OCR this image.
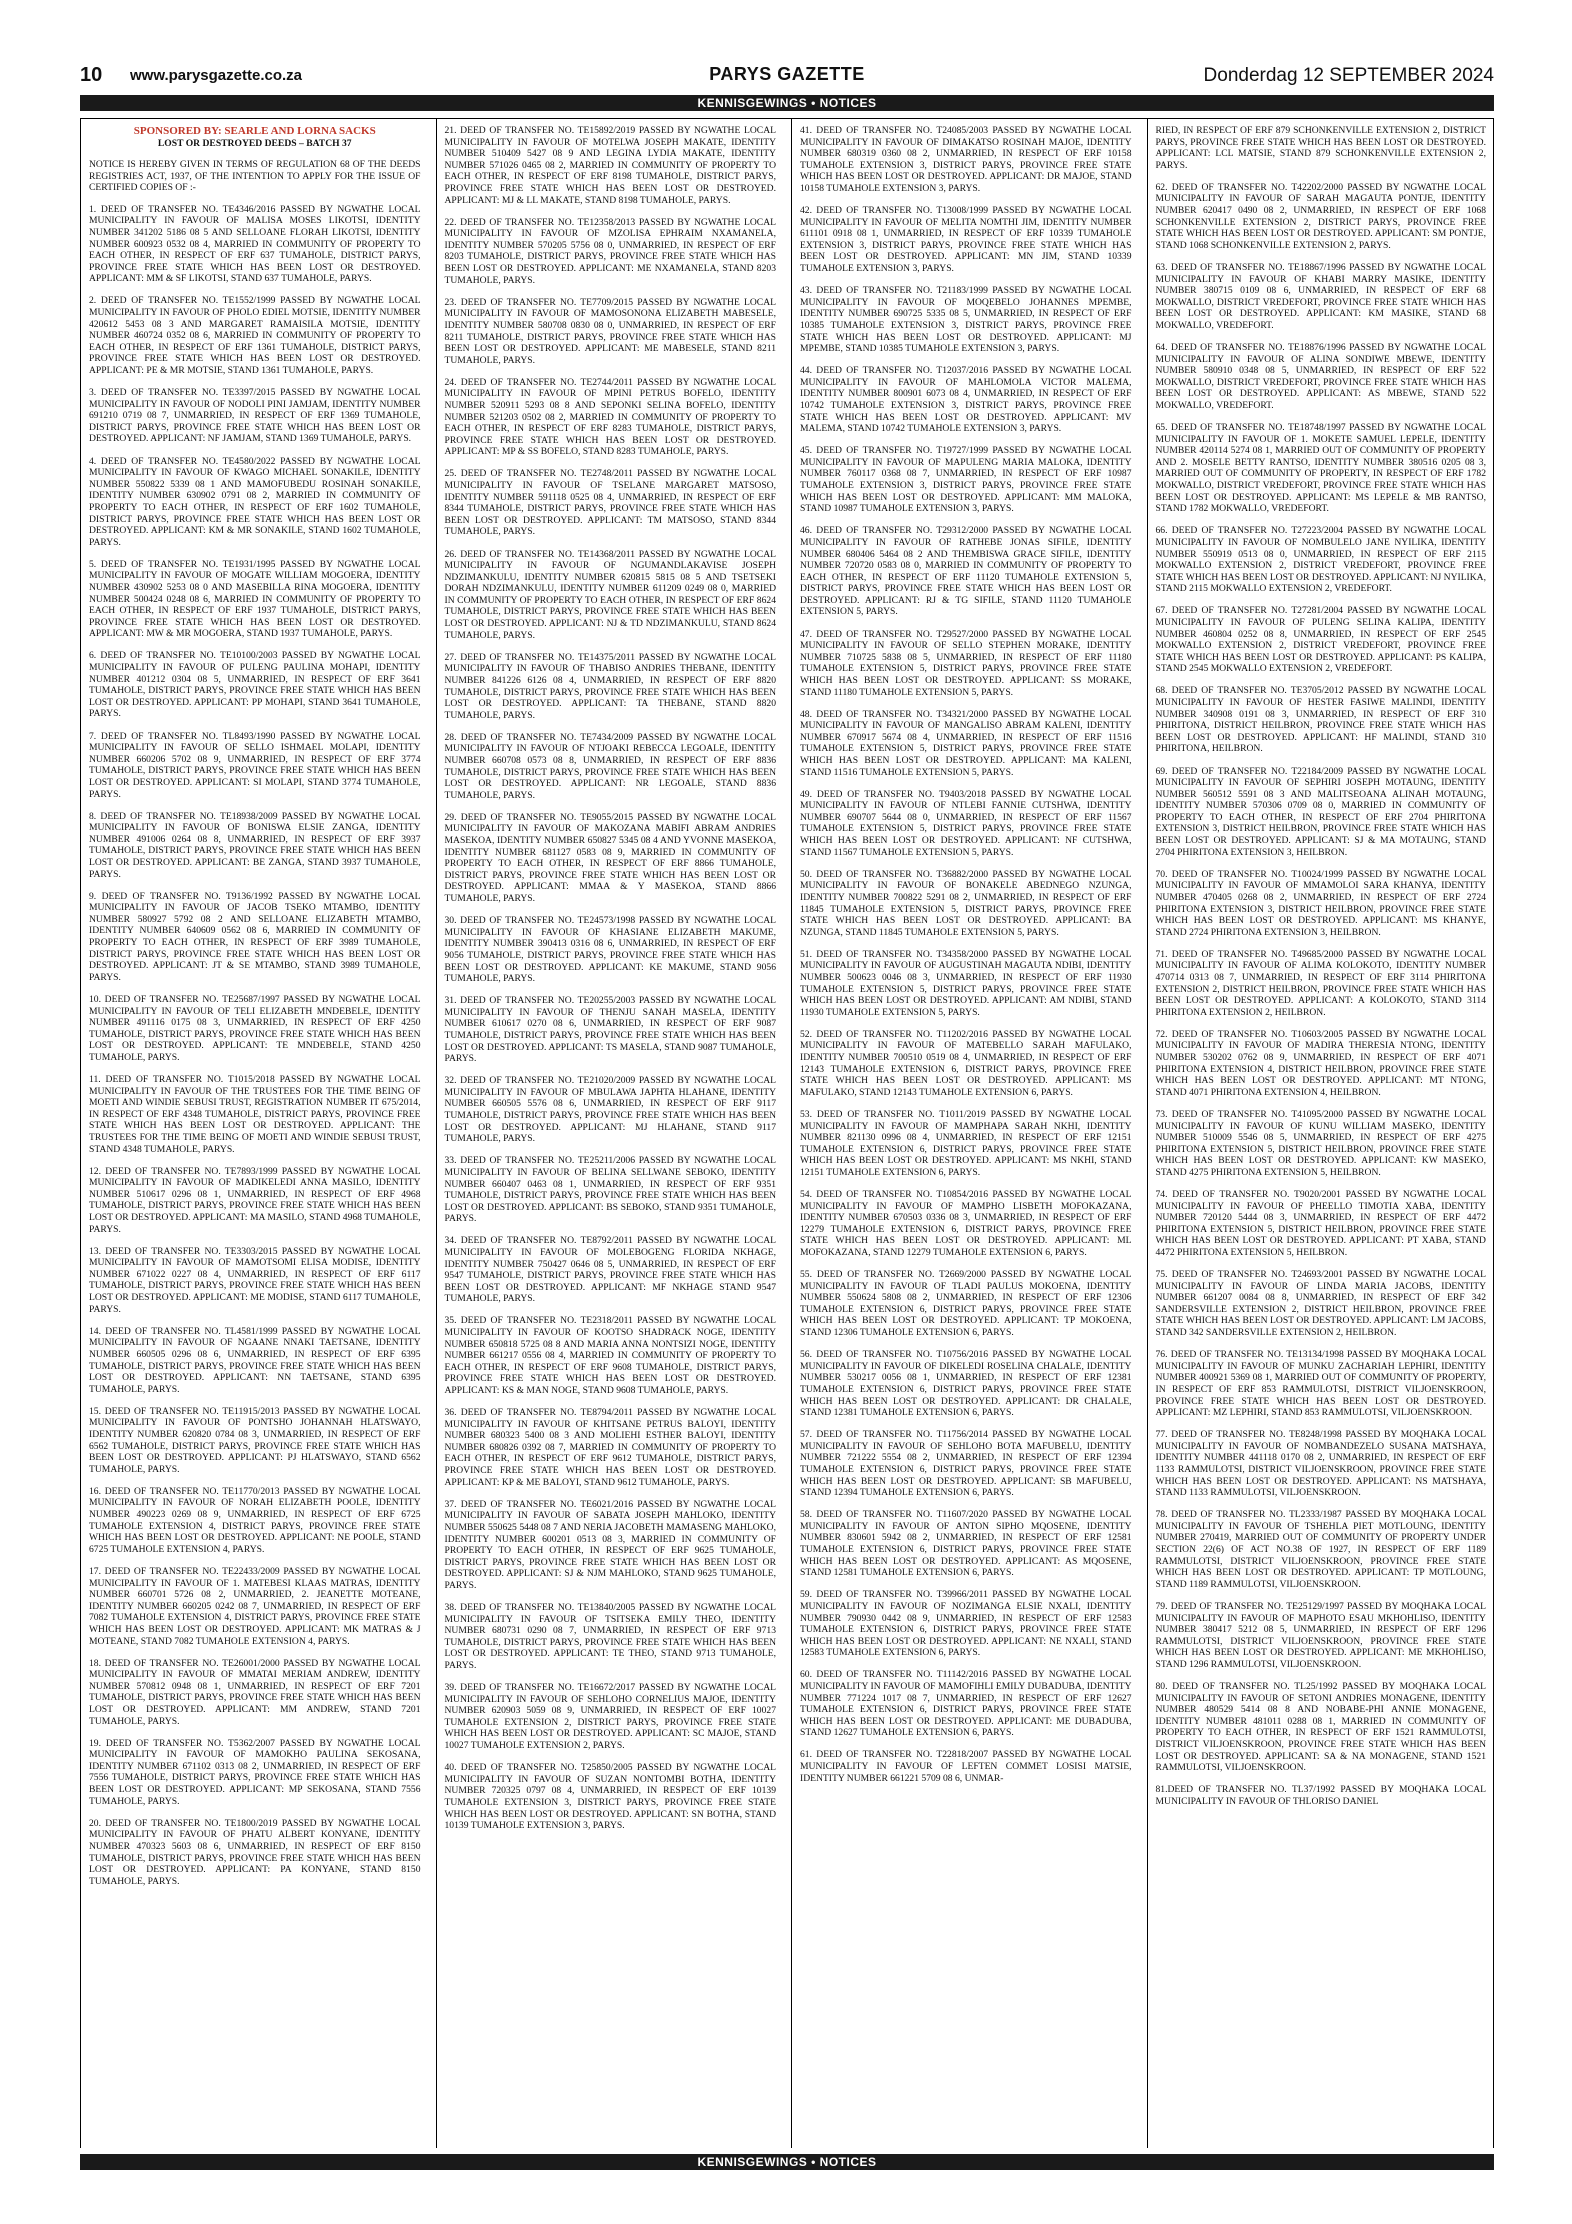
10 www.parysgazette.co.za	PARYS GAZETTE	Donderdag 12 SEPTEMBER 2024
KENNISGEWINGS • NOTICES
SPONSORED BY: SEARLE AND LORNA SACKS
LOST OR DESTROYED DEEDS – BATCH 37

NOTICE IS HEREBY GIVEN IN TERMS OF REGULATION 68 OF THE DEEDS REGISTRIES ACT, 1937, OF THE INTENTION TO APPLY FOR THE ISSUE OF CERTIFIED COPIES OF :-

1. DEED OF TRANSFER NO. TE4346/2016 PASSED BY NGWATHE LOCAL MUNICIPALITY IN FAVOUR OF MALISA MOSES LIKOTSI, IDENTITY NUMBER 341202 5186 08 5 AND SELLOANE FLORAH LIKOTSI, IDENTITY NUMBER 600923 0532 08 4, MARRIED IN COMMUNITY OF PROPERTY TO EACH OTHER, IN RESPECT OF ERF 637 TUMAHOLE, DISTRICT PARYS, PROVINCE FREE STATE WHICH HAS BEEN LOST OR DESTROYED. APPLICANT: MM & SF LIKOTSI, STAND 637 TUMAHOLE, PARYS.

2. DEED OF TRANSFER NO. TE1552/1999 PASSED BY NGWATHE LOCAL MUNICIPALITY IN FAVOUR OF PHOLO EDIEL MOTSIE, IDENTITY NUMBER 420612 5453 08 3 AND MARGARET RAMAISILA MOTSIE, IDENTITY NUMBER 460724 0352 08 6, MARRIED IN COMMUNITY OF PROPERTY TO EACH OTHER, IN RESPECT OF ERF 1361 TUMAHOLE, DISTRICT PARYS, PROVINCE FREE STATE WHICH HAS BEEN LOST OR DESTROYED. APPLICANT: PE & MR MOTSIE, STAND 1361 TUMAHOLE, PARYS.

3. DEED OF TRANSFER NO. TE3397/2015 PASSED BY NGWATHE LOCAL MUNICIPALITY IN FAVOUR OF NODOLI PINI JAMJAM, IDENTITY NUMBER 691210 0719 08 7, UNMARRIED, IN RESPECT OF ERF 1369 TUMAHOLE, DISTRICT PARYS, PROVINCE FREE STATE WHICH HAS BEEN LOST OR DESTROYED. APPLICANT: NF JAMJAM, STAND 1369 TUMAHOLE, PARYS.

4. DEED OF TRANSFER NO. TE4580/2022 PASSED BY NGWATHE LOCAL MUNICIPALITY IN FAVOUR OF KWAGO MICHAEL SONAKILE, IDENTITY NUMBER 550822 5339 08 1 AND MAMOFUBEDU ROSINAH SONAKILE, IDENTITY NUMBER 630902 0791 08 2, MARRIED IN COMMUNITY OF PROPERTY TO EACH OTHER, IN RESPECT OF ERF 1602 TUMAHOLE, DISTRICT PARYS, PROVINCE FREE STATE WHICH HAS BEEN LOST OR DESTROYED. APPLICANT: KM & MR SONAKILE, STAND 1602 TUMAHOLE, PARYS.

5. DEED OF TRANSFER NO. TE1931/1995 PASSED BY NGWATHE LOCAL MUNICIPALITY IN FAVOUR OF MOGATE WILLIAM MOGOERA, IDENTITY NUMBER 430902 5253 08 0 AND MASEBILLA RINA MOGOERA, IDENTITY NUMBER 500424 0248 08 6, MARRIED IN COMMUNITY OF PROPERTY TO EACH OTHER, IN RESPECT OF ERF 1937 TUMAHOLE, DISTRICT PARYS, PROVINCE FREE STATE WHICH HAS BEEN LOST OR DESTROYED. APPLICANT: MW & MR MOGOERA, STAND 1937 TUMAHOLE, PARYS.

6. DEED OF TRANSFER NO. TE10100/2003 PASSED BY NGWATHE LOCAL MUNICIPALITY IN FAVOUR OF PULENG PAULINA MOHAPI, IDENTITY NUMBER 401212 0304 08 5, UNMARRIED, IN RESPECT OF ERF 3641 TUMAHOLE, DISTRICT PARYS, PROVINCE FREE STATE WHICH HAS BEEN LOST OR DESTROYED. APPLICANT: PP MOHAPI, STAND 3641 TUMAHOLE, PARYS.

7. DEED OF TRANSFER NO. TL8493/1990 PASSED BY NGWATHE LOCAL MUNICIPALITY IN FAVOUR OF SELLO ISHMAEL MOLAPI, IDENTITY NUMBER 660206 5702 08 9, UNMARRIED, IN RESPECT OF ERF 3774 TUMAHOLE, DISTRICT PARYS, PROVINCE FREE STATE WHICH HAS BEEN LOST OR DESTROYED. APPLICANT: SI MOLAPI, STAND 3774 TUMAHOLE, PARYS.

8. DEED OF TRANSFER NO. TE18938/2009 PASSED BY NGWATHE LOCAL MUNICIPALITY IN FAVOUR OF BONISWA ELSIE ZANGA, IDENTITY NUMBER 491006 0264 08 8, UNMARRIED, IN RESPECT OF ERF 3937 TUMAHOLE, DISTRICT PARYS, PROVINCE FREE STATE WHICH HAS BEEN LOST OR DESTROYED. APPLICANT: BE ZANGA, STAND 3937 TUMAHOLE, PARYS.

9. DEED OF TRANSFER NO. T9136/1992 PASSED BY NGWATHE LOCAL MUNICIPALITY IN FAVOUR OF JACOB TSEKO MTAMBO, IDENTITY NUMBER 580927 5792 08 2 AND SELLOANE ELIZABETH MTAMBO, IDENTITY NUMBER 640609 0562 08 6, MARRIED IN COMMUNITY OF PROPERTY TO EACH OTHER, IN RESPECT OF ERF 3989 TUMAHOLE, DISTRICT PARYS, PROVINCE FREE STATE WHICH HAS BEEN LOST OR DESTROYED. APPLICANT: JT & SE MTAMBO, STAND 3989 TUMAHOLE, PARYS.

10. DEED OF TRANSFER NO. TE25687/1997 PASSED BY NGWATHE LOCAL MUNICIPALITY IN FAVOUR OF TELI ELIZABETH MNDEBELE, IDENTITY NUMBER 491116 0175 08 3, UNMARRIED, IN RESPECT OF ERF 4250 TUMAHOLE, DISTRICT PARYS, PROVINCE FREE STATE WHICH HAS BEEN LOST OR DESTROYED. APPLICANT: TE MNDEBELE, STAND 4250 TUMAHOLE, PARYS.

11. DEED OF TRANSFER NO. T1015/2018 PASSED BY NGWATHE LOCAL MUNICIPALITY IN FAVOUR OF THE TRUSTEES FOR THE TIME BEING OF MOETI AND WINDIE SEBUSI TRUST, REGISTRATION NUMBER IT 675/2014, IN RESPECT OF ERF 4348 TUMAHOLE, DISTRICT PARYS, PROVINCE FREE STATE WHICH HAS BEEN LOST OR DESTROYED. APPLICANT: THE TRUSTEES FOR THE TIME BEING OF MOETI AND WINDIE SEBUSI TRUST, STAND 4348 TUMAHOLE, PARYS.

12. DEED OF TRANSFER NO. TE7893/1999 PASSED BY NGWATHE LOCAL MUNICIPALITY IN FAVOUR OF MADIKELEDI ANNA MASILO, IDENTITY NUMBER 510617 0296 08 1, UNMARRIED, IN RESPECT OF ERF 4968 TUMAHOLE, DISTRICT PARYS, PROVINCE FREE STATE WHICH HAS BEEN LOST OR DESTROYED. APPLICANT: MA MASILO, STAND 4968 TUMAHOLE, PARYS.

13. DEED OF TRANSFER NO. TE3303/2015 PASSED BY NGWATHE LOCAL MUNICIPALITY IN FAVOUR OF MAMOTSOMI ELISA MODISE, IDENTITY NUMBER 671022 0227 08 4, UNMARRIED, IN RESPECT OF ERF 6117 TUMAHOLE, DISTRICT PARYS, PROVINCE FREE STATE WHICH HAS BEEN LOST OR DESTROYED. APPLICANT: ME MODISE, STAND 6117 TUMAHOLE, PARYS.

14. DEED OF TRANSFER NO. TL4581/1999 PASSED BY NGWATHE LOCAL MUNICIPALITY IN FAVOUR OF NGAANE NNAKI TAETSANE, IDENTITY NUMBER 660505 0296 08 6, UNMARRIED, IN RESPECT OF ERF 6395 TUMAHOLE, DISTRICT PARYS, PROVINCE FREE STATE WHICH HAS BEEN LOST OR DESTROYED. APPLICANT: NN TAETSANE, STAND 6395 TUMAHOLE, PARYS.

15. DEED OF TRANSFER NO. TE11915/2013 PASSED BY NGWATHE LOCAL MUNICIPALITY IN FAVOUR OF PONTSHO JOHANNAH HLATSWAYO, IDENTITY NUMBER 620820 0784 08 3, UNMARRIED, IN RESPECT OF ERF 6562 TUMAHOLE, DISTRICT PARYS, PROVINCE FREE STATE WHICH HAS BEEN LOST OR DESTROYED. APPLICANT: PJ HLATSWAYO, STAND 6562 TUMAHOLE, PARYS.

16. DEED OF TRANSFER NO. TE11770/2013 PASSED BY NGWATHE LOCAL MUNICIPALITY IN FAVOUR OF NORAH ELIZABETH POOLE, IDENTITY NUMBER 490223 0269 08 9, UNMARRIED, IN RESPECT OF ERF 6725 TUMAHOLE EXTENSION 4, DISTRICT PARYS, PROVINCE FREE STATE WHICH HAS BEEN LOST OR DESTROYED. APPLICANT: NE POOLE, STAND 6725 TUMAHOLE EXTENSION 4, PARYS.

17. DEED OF TRANSFER NO. TE22433/2009 PASSED BY NGWATHE LOCAL MUNICIPALITY IN FAVOUR OF 1. MATEBESI KLAAS MATRAS, IDENTITY NUMBER 660701 5726 08 2, UNMARRIED, 2. JEANETTE MOTEANE, IDENTITY NUMBER 660205 0242 08 7, UNMARRIED, IN RESPECT OF ERF 7082 TUMAHOLE EXTENSION 4, DISTRICT PARYS, PROVINCE FREE STATE WHICH HAS BEEN LOST OR DESTROYED. APPLICANT: MK MATRAS & J MOTEANE, STAND 7082 TUMAHOLE EXTENSION 4, PARYS.

18. DEED OF TRANSFER NO. TE26001/2000 PASSED BY NGWATHE LOCAL MUNICIPALITY IN FAVOUR OF MMATAI MERIAM ANDREW, IDENTITY NUMBER 570812 0948 08 1, UNMARRIED, IN RESPECT OF ERF 7201 TUMAHOLE, DISTRICT PARYS, PROVINCE FREE STATE WHICH HAS BEEN LOST OR DESTROYED. APPLICANT: MM ANDREW, STAND 7201 TUMAHOLE, PARYS.

19. DEED OF TRANSFER NO. T5362/2007 PASSED BY NGWATHE LOCAL MUNICIPALITY IN FAVOUR OF MAMOKHO PAULINA SEKOSANA, IDENTITY NUMBER 671102 0313 08 2, UNMARRIED, IN RESPECT OF ERF 7556 TUMAHOLE, DISTRICT PARYS, PROVINCE FREE STATE WHICH HAS BEEN LOST OR DESTROYED. APPLICANT: MP SEKOSANA, STAND 7556 TUMAHOLE, PARYS.

20. DEED OF TRANSFER NO. TE1800/2019 PASSED BY NGWATHE LOCAL MUNICIPALITY IN FAVOUR OF PHATU ALBERT KONYANE, IDENTITY NUMBER 470323 5603 08 6, UNMARRIED, IN RESPECT OF ERF 8150 TUMAHOLE, DISTRICT PARYS, PROVINCE FREE STATE WHICH HAS BEEN LOST OR DESTROYED. APPLICANT: PA KONYANE, STAND 8150 TUMAHOLE, PARYS.

21. DEED OF TRANSFER NO. TE15892/2019 PASSED BY NGWATHE LOCAL MUNICIPALITY IN FAVOUR OF MOTELWA JOSEPH MAKATE, IDENTITY NUMBER 510409 5427 08 9 AND LEGINA LYDIA MAKATE, IDENTITY NUMBER 571026 0465 08 2, MARRIED IN COMMUNITY OF PROPERTY TO EACH OTHER, IN RESPECT OF ERF 8198 TUMAHOLE, DISTRICT PARYS, PROVINCE FREE STATE WHICH HAS BEEN LOST OR DESTROYED. APPLICANT: MJ & LL MAKATE, STAND 8198 TUMAHOLE, PARYS.

22. DEED OF TRANSFER NO. TE12358/2013 PASSED BY NGWATHE LOCAL MUNICIPALITY IN FAVOUR OF MZOLISA EPHRAIM NXAMANELA, IDENTITY NUMBER 570205 5756 08 0, UNMARRIED, IN RESPECT OF ERF 8203 TUMAHOLE, DISTRICT PARYS, PROVINCE FREE STATE WHICH HAS BEEN LOST OR DESTROYED. APPLICANT: ME NXAMANELA, STAND 8203 TUMAHOLE, PARYS.

23. DEED OF TRANSFER NO. TE7709/2015 PASSED BY NGWATHE LOCAL MUNICIPALITY IN FAVOUR OF MAMOSONONA ELIZABETH MABESELE, IDENTITY NUMBER 580708 0830 08 0, UNMARRIED, IN RESPECT OF ERF 8211 TUMAHOLE, DISTRICT PARYS, PROVINCE FREE STATE WHICH HAS BEEN LOST OR DESTROYED. APPLICANT: ME MABESELE, STAND 8211 TUMAHOLE, PARYS.

24. DEED OF TRANSFER NO. TE2744/2011 PASSED BY NGWATHE LOCAL MUNICIPALITY IN FAVOUR OF MPINI PETRUS BOFELO, IDENTITY NUMBER 520911 5293 08 8 AND SEPONKI SELINA BOFELO, IDENTITY NUMBER 521203 0502 08 2, MARRIED IN COMMUNITY OF PROPERTY TO EACH OTHER, IN RESPECT OF ERF 8283 TUMAHOLE, DISTRICT PARYS, PROVINCE FREE STATE WHICH HAS BEEN LOST OR DESTROYED. APPLICANT: MP & SS BOFELO, STAND 8283 TUMAHOLE, PARYS.

25. DEED OF TRANSFER NO. TE2748/2011 PASSED BY NGWATHE LOCAL MUNICIPALITY IN FAVOUR OF TSELANE MARGARET MATSOSO, IDENTITY NUMBER 591118 0525 08 4, UNMARRIED, IN RESPECT OF ERF 8344 TUMAHOLE, DISTRICT PARYS, PROVINCE FREE STATE WHICH HAS BEEN LOST OR DESTROYED. APPLICANT: TM MATSOSO, STAND 8344 TUMAHOLE, PARYS.

26. DEED OF TRANSFER NO. TE14368/2011 PASSED BY NGWATHE LOCAL MUNICIPALITY IN FAVOUR OF NGUMANDLAKAVISE JOSEPH NDZIMANKULU, IDENTITY NUMBER 620815 5815 08 5 AND TSETSEKI DORAH NDZIMANKULU, IDENTITY NUMBER 611209 0249 08 0, MARRIED IN COMMUNITY OF PROPERTY TO EACH OTHER, IN RESPECT OF ERF 8624 TUMAHOLE, DISTRICT PARYS, PROVINCE FREE STATE WHICH HAS BEEN LOST OR DESTROYED. APPLICANT: NJ & TD NDZIMANKULU, STAND 8624 TUMAHOLE, PARYS.

27. DEED OF TRANSFER NO. TE14375/2011 PASSED BY NGWATHE LOCAL MUNICIPALITY IN FAVOUR OF THABISO ANDRIES THEBANE, IDENTITY NUMBER 841226 6126 08 4, UNMARRIED, IN RESPECT OF ERF 8820 TUMAHOLE, DISTRICT PARYS, PROVINCE FREE STATE WHICH HAS BEEN LOST OR DESTROYED. APPLICANT: TA THEBANE, STAND 8820 TUMAHOLE, PARYS.

28. DEED OF TRANSFER NO. TE7434/2009 PASSED BY NGWATHE LOCAL MUNICIPALITY IN FAVOUR OF NTJOAKI REBECCA LEGOALE, IDENTITY NUMBER 660708 0573 08 8, UNMARRIED, IN RESPECT OF ERF 8836 TUMAHOLE, DISTRICT PARYS, PROVINCE FREE STATE WHICH HAS BEEN LOST OR DESTROYED. APPLICANT: NR LEGOALE, STAND 8836 TUMAHOLE, PARYS.

29. DEED OF TRANSFER NO. TE9055/2015 PASSED BY NGWATHE LOCAL MUNICIPALITY IN FAVOUR OF MAKOZANA MABIFI ABRAM ANDRIES MASEKOA, IDENTITY NUMBER 650827 5345 08 4 AND YVONNE MASEKOA, IDENTITY NUMBER 681127 0583 08 9, MARRIED IN COMMUNITY OF PROPERTY TO EACH OTHER, IN RESPECT OF ERF 8866 TUMAHOLE, DISTRICT PARYS, PROVINCE FREE STATE WHICH HAS BEEN LOST OR DESTROYED. APPLICANT: MMAA & Y MASEKOA, STAND 8866 TUMAHOLE, PARYS.

30. DEED OF TRANSFER NO. TE24573/1998 PASSED BY NGWATHE LOCAL MUNICIPALITY IN FAVOUR OF KHASIANE ELIZABETH MAKUME, IDENTITY NUMBER 390413 0316 08 6, UNMARRIED, IN RESPECT OF ERF 9056 TUMAHOLE, DISTRICT PARYS, PROVINCE FREE STATE WHICH HAS BEEN LOST OR DESTROYED. APPLICANT: KE MAKUME, STAND 9056 TUMAHOLE, PARYS.

31. DEED OF TRANSFER NO. TE20255/2003 PASSED BY NGWATHE LOCAL MUNICIPALITY IN FAVOUR OF THENJU SANAH MASELA, IDENTITY NUMBER 610617 0270 08 6, UNMARRIED, IN RESPECT OF ERF 9087 TUMAHOLE, DISTRICT PARYS, PROVINCE FREE STATE WHICH HAS BEEN LOST OR DESTROYED. APPLICANT: TS MASELA, STAND 9087 TUMAHOLE, PARYS.

32. DEED OF TRANSFER NO. TE21020/2009 PASSED BY NGWATHE LOCAL MUNICIPALITY IN FAVOUR OF MBULAWA JAPHTA HLAHANE, IDENTITY NUMBER 660505 5576 08 6, UNMARRIED, IN RESPECT OF ERF 9117 TUMAHOLE, DISTRICT PARYS, PROVINCE FREE STATE WHICH HAS BEEN LOST OR DESTROYED. APPLICANT: MJ HLAHANE, STAND 9117 TUMAHOLE, PARYS.

33. DEED OF TRANSFER NO. TE25211/2006 PASSED BY NGWATHE LOCAL MUNICIPALITY IN FAVOUR OF BELINA SELLWANE SEBOKO, IDENTITY NUMBER 660407 0463 08 1, UNMARRIED, IN RESPECT OF ERF 9351 TUMAHOLE, DISTRICT PARYS, PROVINCE FREE STATE WHICH HAS BEEN LOST OR DESTROYED. APPLICANT: BS SEBOKO, STAND 9351 TUMAHOLE, PARYS.

34. DEED OF TRANSFER NO. TE8792/2011 PASSED BY NGWATHE LOCAL MUNICIPALITY IN FAVOUR OF MOLEBOGENG FLORIDA NKHAGE, IDENTITY NUMBER 750427 0646 08 5, UNMARRIED, IN RESPECT OF ERF 9547 TUMAHOLE, DISTRICT PARYS, PROVINCE FREE STATE WHICH HAS BEEN LOST OR DESTROYED. APPLICANT: MF NKHAGE STAND 9547 TUMAHOLE, PARYS.

35. DEED OF TRANSFER NO. TE2318/2011 PASSED BY NGWATHE LOCAL MUNICIPALITY IN FAVOUR OF KOOTSO SHADRACK NOGE, IDENTITY NUMBER 650818 5725 08 8 AND MARIA ANNA NONTSIZI NOGE, IDENTITY NUMBER 661217 0556 08 4, MARRIED IN COMMUNITY OF PROPERTY TO EACH OTHER, IN RESPECT OF ERF 9608 TUMAHOLE, DISTRICT PARYS, PROVINCE FREE STATE WHICH HAS BEEN LOST OR DESTROYED. APPLICANT: KS & MAN NOGE, STAND 9608 TUMAHOLE, PARYS.

36. DEED OF TRANSFER NO. TE8794/2011 PASSED BY NGWATHE LOCAL MUNICIPALITY IN FAVOUR OF KHITSANE PETRUS BALOYI, IDENTITY NUMBER 680323 5400 08 3 AND MOLIEHI ESTHER BALOYI, IDENTITY NUMBER 680826 0392 08 7, MARRIED IN COMMUNITY OF PROPERTY TO EACH OTHER, IN RESPECT OF ERF 9612 TUMAHOLE, DISTRICT PARYS, PROVINCE FREE STATE WHICH HAS BEEN LOST OR DESTROYED. APPLICANT: KP & ME BALOYI, STAND 9612 TUMAHOLE, PARYS.

37. DEED OF TRANSFER NO. TE6021/2016 PASSED BY NGWATHE LOCAL MUNICIPALITY IN FAVOUR OF SABATA JOSEPH MAHLOKO, IDENTITY NUMBER 550625 5448 08 7 AND NERIA JACOBETH MAMASENG MAHLOKO, IDENTITY NUMBER 600201 0513 08 3, MARRIED IN COMMUNITY OF PROPERTY TO EACH OTHER, IN RESPECT OF ERF 9625 TUMAHOLE, DISTRICT PARYS, PROVINCE FREE STATE WHICH HAS BEEN LOST OR DESTROYED. APPLICANT: SJ & NJM MAHLOKO, STAND 9625 TUMAHOLE, PARYS.

38. DEED OF TRANSFER NO. TE13840/2005 PASSED BY NGWATHE LOCAL MUNICIPALITY IN FAVOUR OF TSITSEKA EMILY THEO, IDENTITY NUMBER 680731 0290 08 7, UNMARRIED, IN RESPECT OF ERF 9713 TUMAHOLE, DISTRICT PARYS, PROVINCE FREE STATE WHICH HAS BEEN LOST OR DESTROYED. APPLICANT: TE THEO, STAND 9713 TUMAHOLE, PARYS.

39. DEED OF TRANSFER NO. TE16672/2017 PASSED BY NGWATHE LOCAL MUNICIPALITY IN FAVOUR OF SEHLOHO CORNELIUS MAJOE, IDENTITY NUMBER 620903 5059 08 9, UNMARRIED, IN RESPECT OF ERF 10027 TUMAHOLE EXTENSION 2, DISTRICT PARYS, PROVINCE FREE STATE WHICH HAS BEEN LOST OR DESTROYED. APPLICANT: SC MAJOE, STAND 10027 TUMAHOLE EXTENSION 2, PARYS.

40. DEED OF TRANSFER NO. T25850/2005 PASSED BY NGWATHE LOCAL MUNICIPALITY IN FAVOUR OF SUZAN NONTOMBI BOTHA, IDENTITY NUMBER 720325 0797 08 4, UNMARRIED, IN RESPECT OF ERF 10139 TUMAHOLE EXTENSION 3, DISTRICT PARYS, PROVINCE FREE STATE WHICH HAS BEEN LOST OR DESTROYED. APPLICANT: SN BOTHA, STAND 10139 TUMAHOLE EXTENSION 3, PARYS.

41. DEED OF TRANSFER NO. T24085/2003 PASSED BY NGWATHE LOCAL MUNICIPALITY IN FAVOUR OF DIMAKATSO ROSINAH MAJOE, IDENTITY NUMBER 680319 0360 08 2, UNMARRIED, IN RESPECT OF ERF 10158 TUMAHOLE EXTENSION 3, DISTRICT PARYS, PROVINCE FREE STATE WHICH HAS BEEN LOST OR DESTROYED. APPLICANT: DR MAJOE, STAND 10158 TUMAHOLE EXTENSION 3, PARYS.

42. DEED OF TRANSFER NO. T13008/1999 PASSED BY NGWATHE LOCAL MUNICIPALITY IN FAVOUR OF MELITA NOMTHI JIM, IDENTITY NUMBER 611101 0918 08 1, UNMARRIED, IN RESPECT OF ERF 10339 TUMAHOLE EXTENSION 3, DISTRICT PARYS, PROVINCE FREE STATE WHICH HAS BEEN LOST OR DESTROYED. APPLICANT: MN JIM, STAND 10339 TUMAHOLE EXTENSION 3, PARYS.

43. DEED OF TRANSFER NO. T21183/1999 PASSED BY NGWATHE LOCAL MUNICIPALITY IN FAVOUR OF MOQEBELO JOHANNES MPEMBE, IDENTITY NUMBER 690725 5335 08 5, UNMARRIED, IN RESPECT OF ERF 10385 TUMAHOLE EXTENSION 3, DISTRICT PARYS, PROVINCE FREE STATE WHICH HAS BEEN LOST OR DESTROYED. APPLICANT: MJ MPEMBE, STAND 10385 TUMAHOLE EXTENSION 3, PARYS.

44. DEED OF TRANSFER NO. T12037/2016 PASSED BY NGWATHE LOCAL MUNICIPALITY IN FAVOUR OF MAHLOMOLA VICTOR MALEMA, IDENTITY NUMBER 800901 6073 08 4, UNMARRIED, IN RESPECT OF ERF 10742 TUMAHOLE EXTENSION 3, DISTRICT PARYS, PROVINCE FREE STATE WHICH HAS BEEN LOST OR DESTROYED. APPLICANT: MV MALEMA, STAND 10742 TUMAHOLE EXTENSION 3, PARYS.

45. DEED OF TRANSFER NO. T19727/1999 PASSED BY NGWATHE LOCAL MUNICIPALITY IN FAVOUR OF MAPULENG MARIA MALOKA, IDENTITY NUMBER 760117 0368 08 7, UNMARRIED, IN RESPECT OF ERF 10987 TUMAHOLE EXTENSION 3, DISTRICT PARYS, PROVINCE FREE STATE WHICH HAS BEEN LOST OR DESTROYED. APPLICANT: MM MALOKA, STAND 10987 TUMAHOLE EXTENSION 3, PARYS.

46. DEED OF TRANSFER NO. T29312/2000 PASSED BY NGWATHE LOCAL MUNICIPALITY IN FAVOUR OF RATHEBE JONAS SIFILE, IDENTITY NUMBER 680406 5464 08 2 AND THEMBISWA GRACE SIFILE, IDENTITY NUMBER 720720 0583 08 0, MARRIED IN COMMUNITY OF PROPERTY TO EACH OTHER, IN RESPECT OF ERF 11120 TUMAHOLE EXTENSION 5, DISTRICT PARYS, PROVINCE FREE STATE WHICH HAS BEEN LOST OR DESTROYED. APPLICANT: RJ & TG SIFILE, STAND 11120 TUMAHOLE EXTENSION 5, PARYS.

47. DEED OF TRANSFER NO. T29527/2000 PASSED BY NGWATHE LOCAL MUNICIPALITY IN FAVOUR OF SELLO STEPHEN MORAKE, IDENTITY NUMBER 710725 5838 08 5, UNMARRIED, IN RESPECT OF ERF 11180 TUMAHOLE EXTENSION 5, DISTRICT PARYS, PROVINCE FREE STATE WHICH HAS BEEN LOST OR DESTROYED. APPLICANT: SS MORAKE, STAND 11180 TUMAHOLE EXTENSION 5, PARYS.

48. DEED OF TRANSFER NO. T34321/2000 PASSED BY NGWATHE LOCAL MUNICIPALITY IN FAVOUR OF MANGALISO ABRAM KALENI, IDENTITY NUMBER 670917 5674 08 4, UNMARRIED, IN RESPECT OF ERF 11516 TUMAHOLE EXTENSION 5, DISTRICT PARYS, PROVINCE FREE STATE WHICH HAS BEEN LOST OR DESTROYED. APPLICANT: MA KALENI, STAND 11516 TUMAHOLE EXTENSION 5, PARYS.

49. DEED OF TRANSFER NO. T9403/2018 PASSED BY NGWATHE LOCAL MUNICIPALITY IN FAVOUR OF NTLEBI FANNIE CUTSHWA, IDENTITY NUMBER 690707 5644 08 0, UNMARRIED, IN RESPECT OF ERF 11567 TUMAHOLE EXTENSION 5, DISTRICT PARYS, PROVINCE FREE STATE WHICH HAS BEEN LOST OR DESTROYED. APPLICANT: NF CUTSHWA, STAND 11567 TUMAHOLE EXTENSION 5, PARYS.

50. DEED OF TRANSFER NO. T36882/2000 PASSED BY NGWATHE LOCAL MUNICIPALITY IN FAVOUR OF BONAKELE ABEDNEGO NZUNGA, IDENTITY NUMBER 700822 5291 08 2, UNMARRIED, IN RESPECT OF ERF 11845 TUMAHOLE EXTENSION 5, DISTRICT PARYS, PROVINCE FREE STATE WHICH HAS BEEN LOST OR DESTROYED. APPLICANT: BA NZUNGA, STAND 11845 TUMAHOLE EXTENSION 5, PARYS.

51. DEED OF TRANSFER NO. T34358/2000 PASSED BY NGWATHE LOCAL MUNICIPALITY IN FAVOUR OF AUGUSTINAH MAGAUTA NDIBI, IDENTITY NUMBER 500623 0046 08 3, UNMARRIED, IN RESPECT OF ERF 11930 TUMAHOLE EXTENSION 5, DISTRICT PARYS, PROVINCE FREE STATE WHICH HAS BEEN LOST OR DESTROYED. APPLICANT: AM NDIBI, STAND 11930 TUMAHOLE EXTENSION 5, PARYS.

52. DEED OF TRANSFER NO. T11202/2016 PASSED BY NGWATHE LOCAL MUNICIPALITY IN FAVOUR OF MATEBELLO SARAH MAFULAKO, IDENTITY NUMBER 700510 0519 08 4, UNMARRIED, IN RESPECT OF ERF 12143 TUMAHOLE EXTENSION 6, DISTRICT PARYS, PROVINCE FREE STATE WHICH HAS BEEN LOST OR DESTROYED. APPLICANT: MS MAFULAKO, STAND 12143 TUMAHOLE EXTENSION 6, PARYS.

53. DEED OF TRANSFER NO. T1011/2019 PASSED BY NGWATHE LOCAL MUNICIPALITY IN FAVOUR OF MAMPHAPA SARAH NKHI, IDENTITY NUMBER 821130 0996 08 4, UNMARRIED, IN RESPECT OF ERF 12151 TUMAHOLE EXTENSION 6, DISTRICT PARYS, PROVINCE FREE STATE WHICH HAS BEEN LOST OR DESTROYED. APPLICANT: MS NKHI, STAND 12151 TUMAHOLE EXTENSION 6, PARYS.

54. DEED OF TRANSFER NO. T10854/2016 PASSED BY NGWATHE LOCAL MUNICIPALITY IN FAVOUR OF MAMPHO LISBETH MOFOKAZANA, IDENTITY NUMBER 670503 0336 08 3, UNMARRIED, IN RESPECT OF ERF 12279 TUMAHOLE EXTENSION 6, DISTRICT PARYS, PROVINCE FREE STATE WHICH HAS BEEN LOST OR DESTROYED. APPLICANT: ML MOFOKAZANA, STAND 12279 TUMAHOLE EXTENSION 6, PARYS.

55. DEED OF TRANSFER NO. T2669/2000 PASSED BY NGWATHE LOCAL MUNICIPALITY IN FAVOUR OF TLADI PAULUS MOKOENA, IDENTITY NUMBER 550624 5808 08 2, UNMARRIED, IN RESPECT OF ERF 12306 TUMAHOLE EXTENSION 6, DISTRICT PARYS, PROVINCE FREE STATE WHICH HAS BEEN LOST OR DESTROYED. APPLICANT: TP MOKOENA, STAND 12306 TUMAHOLE EXTENSION 6, PARYS.

56. DEED OF TRANSFER NO. T10756/2016 PASSED BY NGWATHE LOCAL MUNICIPALITY IN FAVOUR OF DIKELEDI ROSELINA CHALALE, IDENTITY NUMBER 530217 0056 08 1, UNMARRIED, IN RESPECT OF ERF 12381 TUMAHOLE EXTENSION 6, DISTRICT PARYS, PROVINCE FREE STATE WHICH HAS BEEN LOST OR DESTROYED. APPLICANT: DR CHALALE, STAND 12381 TUMAHOLE EXTENSION 6, PARYS.

57. DEED OF TRANSFER NO. T11756/2014 PASSED BY NGWATHE LOCAL MUNICIPALITY IN FAVOUR OF SEHLOHO BOTA MAFUBELU, IDENTITY NUMBER 721222 5554 08 2, UNMARRIED, IN RESPECT OF ERF 12394 TUMAHOLE EXTENSION 6, DISTRICT PARYS, PROVINCE FREE STATE WHICH HAS BEEN LOST OR DESTROYED. APPLICANT: SB MAFUBELU, STAND 12394 TUMAHOLE EXTENSION 6, PARYS.

58. DEED OF TRANSFER NO. T11607/2020 PASSED BY NGWATHE LOCAL MUNICIPALITY IN FAVOUR OF ANTON SIPHO MQOSENE, IDENTITY NUMBER 830601 5942 08 2, UNMARRIED, IN RESPECT OF ERF 12581 TUMAHOLE EXTENSION 6, DISTRICT PARYS, PROVINCE FREE STATE WHICH HAS BEEN LOST OR DESTROYED. APPLICANT: AS MQOSENE, STAND 12581 TUMAHOLE EXTENSION 6, PARYS.

59. DEED OF TRANSFER NO. T39966/2011 PASSED BY NGWATHE LOCAL MUNICIPALITY IN FAVOUR OF NOZIMANGA ELSIE NXALI, IDENTITY NUMBER 790930 0442 08 9, UNMARRIED, IN RESPECT OF ERF 12583 TUMAHOLE EXTENSION 6, DISTRICT PARYS, PROVINCE FREE STATE WHICH HAS BEEN LOST OR DESTROYED. APPLICANT: NE NXALI, STAND 12583 TUMAHOLE EXTENSION 6, PARYS.

60. DEED OF TRANSFER NO. T11142/2016 PASSED BY NGWATHE LOCAL MUNICIPALITY IN FAVOUR OF MAMOFIHLI EMILY DUBADUBA, IDENTITY NUMBER 771224 1017 08 7, UNMARRIED, IN RESPECT OF ERF 12627 TUMAHOLE EXTENSION 6, DISTRICT PARYS, PROVINCE FREE STATE WHICH HAS BEEN LOST OR DESTROYED. APPLICANT: ME DUBADUBA, STAND 12627 TUMAHOLE EXTENSION 6, PARYS.

61. DEED OF TRANSFER NO. T22818/2007 PASSED BY NGWATHE LOCAL MUNICIPALITY IN FAVOUR OF LEFTEN COMMET LOSISI MATSIE, IDENTITY NUMBER 661221 5709 08 6, UNMAR-

RIED, IN RESPECT OF ERF 879 SCHONKENVILLE EXTENSION 2, DISTRICT PARYS, PROVINCE FREE STATE WHICH HAS BEEN LOST OR DESTROYED. APPLICANT: LCL MATSIE, STAND 879 SCHONKENVILLE EXTENSION 2, PARYS.

62. DEED OF TRANSFER NO. T42202/2000 PASSED BY NGWATHE LOCAL MUNICIPALITY IN FAVOUR OF SARAH MAGAUTA PONTJE, IDENTITY NUMBER 620417 0490 08 2, UNMARRIED, IN RESPECT OF ERF 1068 SCHONKENVILLE EXTENSION 2, DISTRICT PARYS, PROVINCE FREE STATE WHICH HAS BEEN LOST OR DESTROYED. APPLICANT: SM PONTJE, STAND 1068 SCHONKENVILLE EXTENSION 2, PARYS.

63. DEED OF TRANSFER NO. TE18867/1996 PASSED BY NGWATHE LOCAL MUNICIPALITY IN FAVOUR OF KHABI MARRY MASIKE, IDENTITY NUMBER 380715 0109 08 6, UNMARRIED, IN RESPECT OF ERF 68 MOKWALLO, DISTRICT VREDEFORT, PROVINCE FREE STATE WHICH HAS BEEN LOST OR DESTROYED. APPLICANT: KM MASIKE, STAND 68 MOKWALLO, VREDEFORT.

64. DEED OF TRANSFER NO. TE18876/1996 PASSED BY NGWATHE LOCAL MUNICIPALITY IN FAVOUR OF ALINA SONDIWE MBEWE, IDENTITY NUMBER 580910 0348 08 5, UNMARRIED, IN RESPECT OF ERF 522 MOKWALLO, DISTRICT VREDEFORT, PROVINCE FREE STATE WHICH HAS BEEN LOST OR DESTROYED. APPLICANT: AS MBEWE, STAND 522 MOKWALLO, VREDEFORT.

65. DEED OF TRANSFER NO. TE18748/1997 PASSED BY NGWATHE LOCAL MUNICIPALITY IN FAVOUR OF 1. MOKETE SAMUEL LEPELE, IDENTITY NUMBER 420114 5274 08 1, MARRIED OUT OF COMMUNITY OF PROPERTY AND 2. MOSELE BETTY RANTSO, IDENTITY NUMBER 380516 0205 08 3, MARRIED OUT OF COMMUNITY OF PROPERTY, IN RESPECT OF ERF 1782 MOKWALLO, DISTRICT VREDEFORT, PROVINCE FREE STATE WHICH HAS BEEN LOST OR DESTROYED. APPLICANT: MS LEPELE & MB RANTSO, STAND 1782 MOKWALLO, VREDEFORT.

66. DEED OF TRANSFER NO. T27223/2004 PASSED BY NGWATHE LOCAL MUNICIPALITY IN FAVOUR OF NOMBULELO JANE NYILIKA, IDENTITY NUMBER 550919 0513 08 0, UNMARRIED, IN RESPECT OF ERF 2115 MOKWALLO EXTENSION 2, DISTRICT VREDEFORT, PROVINCE FREE STATE WHICH HAS BEEN LOST OR DESTROYED. APPLICANT: NJ NYILIKA, STAND 2115 MOKWALLO EXTENSION 2, VREDEFORT.

67. DEED OF TRANSFER NO. T27281/2004 PASSED BY NGWATHE LOCAL MUNICIPALITY IN FAVOUR OF PULENG SELINA KALIPA, IDENTITY NUMBER 460804 0252 08 8, UNMARRIED, IN RESPECT OF ERF 2545 MOKWALLO EXTENSION 2, DISTRICT VREDEFORT, PROVINCE FREE STATE WHICH HAS BEEN LOST OR DESTROYED. APPLICANT: PS KALIPA, STAND 2545 MOKWALLO EXTENSION 2, VREDEFORT.

68. DEED OF TRANSFER NO. TE3705/2012 PASSED BY NGWATHE LOCAL MUNICIPALITY IN FAVOUR OF HESTER FASIWE MALINDI, IDENTITY NUMBER 340908 0191 08 3, UNMARRIED, IN RESPECT OF ERF 310 PHIRITONA, DISTRICT HEILBRON, PROVINCE FREE STATE WHICH HAS BEEN LOST OR DESTROYED. APPLICANT: HF MALINDI, STAND 310 PHIRITONA, HEILBRON.

69. DEED OF TRANSFER NO. T22184/2009 PASSED BY NGWATHE LOCAL MUNICIPALITY IN FAVOUR OF SEPHIRI JOSEPH MOTAUNG, IDENTITY NUMBER 560512 5591 08 3 AND MALITSEOANA ALINAH MOTAUNG, IDENTITY NUMBER 570306 0709 08 0, MARRIED IN COMMUNITY OF PROPERTY TO EACH OTHER, IN RESPECT OF ERF 2704 PHIRITONA EXTENSION 3, DISTRICT HEILBRON, PROVINCE FREE STATE WHICH HAS BEEN LOST OR DESTROYED. APPLICANT: SJ & MA MOTAUNG, STAND 2704 PHIRITONA EXTENSION 3, HEILBRON.

70. DEED OF TRANSFER NO. T10024/1999 PASSED BY NGWATHE LOCAL MUNICIPALITY IN FAVOUR OF MMAMOLOI SARA KHANYA, IDENTITY NUMBER 470405 0268 08 2, UNMARRIED, IN RESPECT OF ERF 2724 PHIRITONA EXTENSION 3, DISTRICT HEILBRON, PROVINCE FREE STATE WHICH HAS BEEN LOST OR DESTROYED. APPLICANT: MS KHANYE, STAND 2724 PHIRITONA EXTENSION 3, HEILBRON.

71. DEED OF TRANSFER NO. T49685/2000 PASSED BY NGWATHE LOCAL MUNICIPALITY IN FAVOUR OF ALIMA KOLOKOTO, IDENTITY NUMBER 470714 0313 08 7, UNMARRIED, IN RESPECT OF ERF 3114 PHIRITONA EXTENSION 2, DISTRICT HEILBRON, PROVINCE FREE STATE WHICH HAS BEEN LOST OR DESTROYED. APPLICANT: A KOLOKOTO, STAND 3114 PHIRITONA EXTENSION 2, HEILBRON.

72. DEED OF TRANSFER NO. T10603/2005 PASSED BY NGWATHE LOCAL MUNICIPALITY IN FAVOUR OF MADIRA THERESIA NTONG, IDENTITY NUMBER 530202 0762 08 9, UNMARRIED, IN RESPECT OF ERF 4071 PHIRITONA EXTENSION 4, DISTRICT HEILBRON, PROVINCE FREE STATE WHICH HAS BEEN LOST OR DESTROYED. APPLICANT: MT NTONG, STAND 4071 PHIRITONA EXTENSION 4, HEILBRON.

73. DEED OF TRANSFER NO. T41095/2000 PASSED BY NGWATHE LOCAL MUNICIPALITY IN FAVOUR OF KUNU WILLIAM MASEKO, IDENTITY NUMBER 510009 5546 08 5, UNMARRIED, IN RESPECT OF ERF 4275 PHIRITONA EXTENSION 5, DISTRICT HEILBRON, PROVINCE FREE STATE WHICH HAS BEEN LOST OR DESTROYED. APPLICANT: KW MASEKO, STAND 4275 PHIRITONA EXTENSION 5, HEILBRON.

74. DEED OF TRANSFER NO. T9020/2001 PASSED BY NGWATHE LOCAL MUNICIPALITY IN FAVOUR OF PHEELLO TIMOTIA XABA, IDENTITY NUMBER 720120 5444 08 3, UNMARRIED, IN RESPECT OF ERF 4472 PHIRITONA EXTENSION 5, DISTRICT HEILBRON, PROVINCE FREE STATE WHICH HAS BEEN LOST OR DESTROYED. APPLICANT: PT XABA, STAND 4472 PHIRITONA EXTENSION 5, HEILBRON.

75. DEED OF TRANSFER NO. T24693/2001 PASSED BY NGWATHE LOCAL MUNICIPALITY IN FAVOUR OF LINDA MARIA JACOBS, IDENTITY NUMBER 661207 0084 08 8, UNMARRIED, IN RESPECT OF ERF 342 SANDERSVILLE EXTENSION 2, DISTRICT HEILBRON, PROVINCE FREE STATE WHICH HAS BEEN LOST OR DESTROYED. APPLICANT: LM JACOBS, STAND 342 SANDERSVILLE EXTENSION 2, HEILBRON.

76. DEED OF TRANSFER NO. TE13134/1998 PASSED BY MOQHAKA LOCAL MUNICIPALITY IN FAVOUR OF MUNKU ZACHARIAH LEPHIRI, IDENTITY NUMBER 400921 5369 08 1, MARRIED OUT OF COMMUNITY OF PROPERTY, IN RESPECT OF ERF 853 RAMMULOTSI, DISTRICT VILJOENSKROON, PROVINCE FREE STATE WHICH HAS BEEN LOST OR DESTROYED. APPLICANT: MZ LEPHIRI, STAND 853 RAMMULOTSI, VILJOENSKROON.

77. DEED OF TRANSFER NO. TE8248/1998 PASSED BY MOQHAKA LOCAL MUNICIPALITY IN FAVOUR OF NOMBANDEZELO SUSANA MATSHAYA, IDENTITY NUMBER 441118 0170 08 2, UNMARRIED, IN RESPECT OF ERF 1133 RAMMULOTSI, DISTRICT VILJOENSKROON, PROVINCE FREE STATE WHICH HAS BEEN LOST OR DESTROYED. APPLICANT: NS MATSHAYA, STAND 1133 RAMMULOTSI, VILJOENSKROON.

78. DEED OF TRANSFER NO. TL2333/1987 PASSED BY MOQHAKA LOCAL MUNICIPALITY IN FAVOUR OF TSHEHLA PIET MOTLOUNG, IDENTITY NUMBER 270419, MARRIED OUT OF COMMUNITY OF PROPERTY UNDER SECTION 22(6) OF ACT NO.38 OF 1927, IN RESPECT OF ERF 1189 RAMMULOTSI, DISTRICT VILJOENSKROON, PROVINCE FREE STATE WHICH HAS BEEN LOST OR DESTROYED. APPLICANT: TP MOTLOUNG, STAND 1189 RAMMULOTSI, VILJOENSKROON.

79. DEED OF TRANSFER NO. TE25129/1997 PASSED BY MOQHAKA LOCAL MUNICIPALITY IN FAVOUR OF MAPHOTO ESAU MKHOHLISO, IDENTITY NUMBER 380417 5212 08 5, UNMARRIED, IN RESPECT OF ERF 1296 RAMMULOTSI, DISTRICT VILJOENSKROON, PROVINCE FREE STATE WHICH HAS BEEN LOST OR DESTROYED. APPLICANT: ME MKHOHLISO, STAND 1296 RAMMULOTSI, VILJOENSKROON.

80. DEED OF TRANSFER NO. TL25/1992 PASSED BY MOQHAKA LOCAL MUNICIPALITY IN FAVOUR OF SETONI ANDRIES MONAGENE, IDENTITY NUMBER 480529 5414 08 8 AND NOBABE-PHI ANNIE MONAGENE, IDENTITY NUMBER 481011 0288 08 1, MARRIED IN COMMUNITY OF PROPERTY TO EACH OTHER, IN RESPECT OF ERF 1521 RAMMULOTSI, DISTRICT VILJOENSKROON, PROVINCE FREE STATE WHICH HAS BEEN LOST OR DESTROYED. APPLICANT: SA & NA MONAGENE, STAND 1521 RAMMULOTSI, VILJOENSKROON.

81.DEED OF TRANSFER NO. TL37/1992 PASSED BY MOQHAKA LOCAL MUNICIPALITY IN FAVOUR OF THLORISO DANIEL

KENNISGEWINGS • NOTICES
